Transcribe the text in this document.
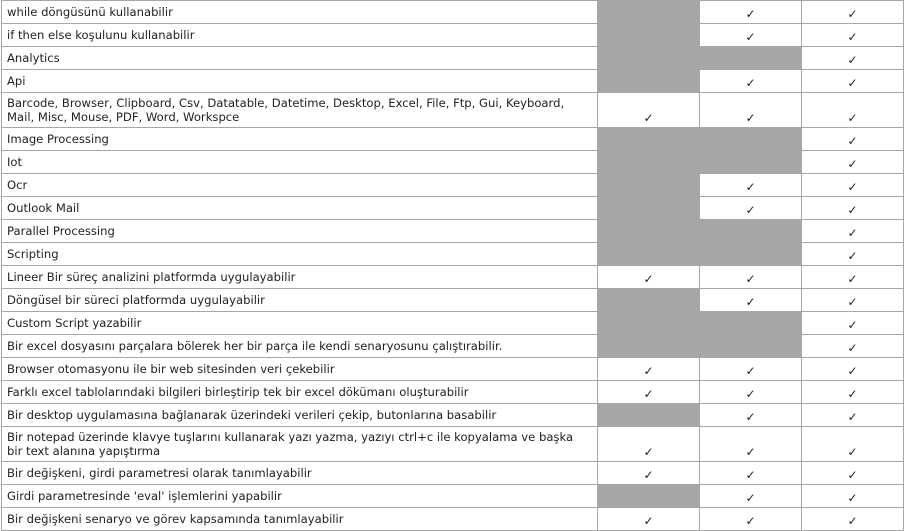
while döngüsünü kullanabilir		✓	✓
if then else koşulunu kullanabilir		✓	✓
Analytics			✓
Api		✓	✓
Barcode, Browser, Clipboard, Csv, Datatable, Datetime, Desktop, Excel, File, Ftp, Gui, Keyboard, Mail, Misc, Mouse, PDF, Word, Workspce	✓	✓	✓
Image Processing			✓
Iot			✓
Ocr		✓	✓
Outlook Mail		✓	✓
Parallel Processing			✓
Scripting			✓
Lineer Bir süreç analizini platformda uygulayabilir	✓	✓	✓
Döngüsel bir süreci platformda uygulayabilir		✓	✓
Custom Script yazabilir			✓
Bir excel dosyasını parçalara bölerek her bir parça ile kendi senaryosunu çalıştırabilir.			✓
Browser otomasyonu ile bir web sitesinden veri çekebilir	✓	✓	✓
Farklı excel tablolarındaki bilgileri birleştirip tek bir excel dökümanı oluşturabilir	✓	✓	✓
Bir desktop uygulamasına bağlanarak üzerindeki verileri çekip, butonlarına basabilir		✓	✓
Bir notepad üzerinde klavye tuşlarını kullanarak yazı yazma, yazıyı ctrl+c ile kopyalama ve başka bir text alanına yapıştırma	✓	✓	✓
Bir değişkeni, girdi parametresi olarak tanımlayabilir	✓	✓	✓
Girdi parametresinde 'eval' işlemlerini yapabilir		✓	✓
Bir değişkeni senaryo ve görev kapsamında tanımlayabilir	✓	✓	✓
